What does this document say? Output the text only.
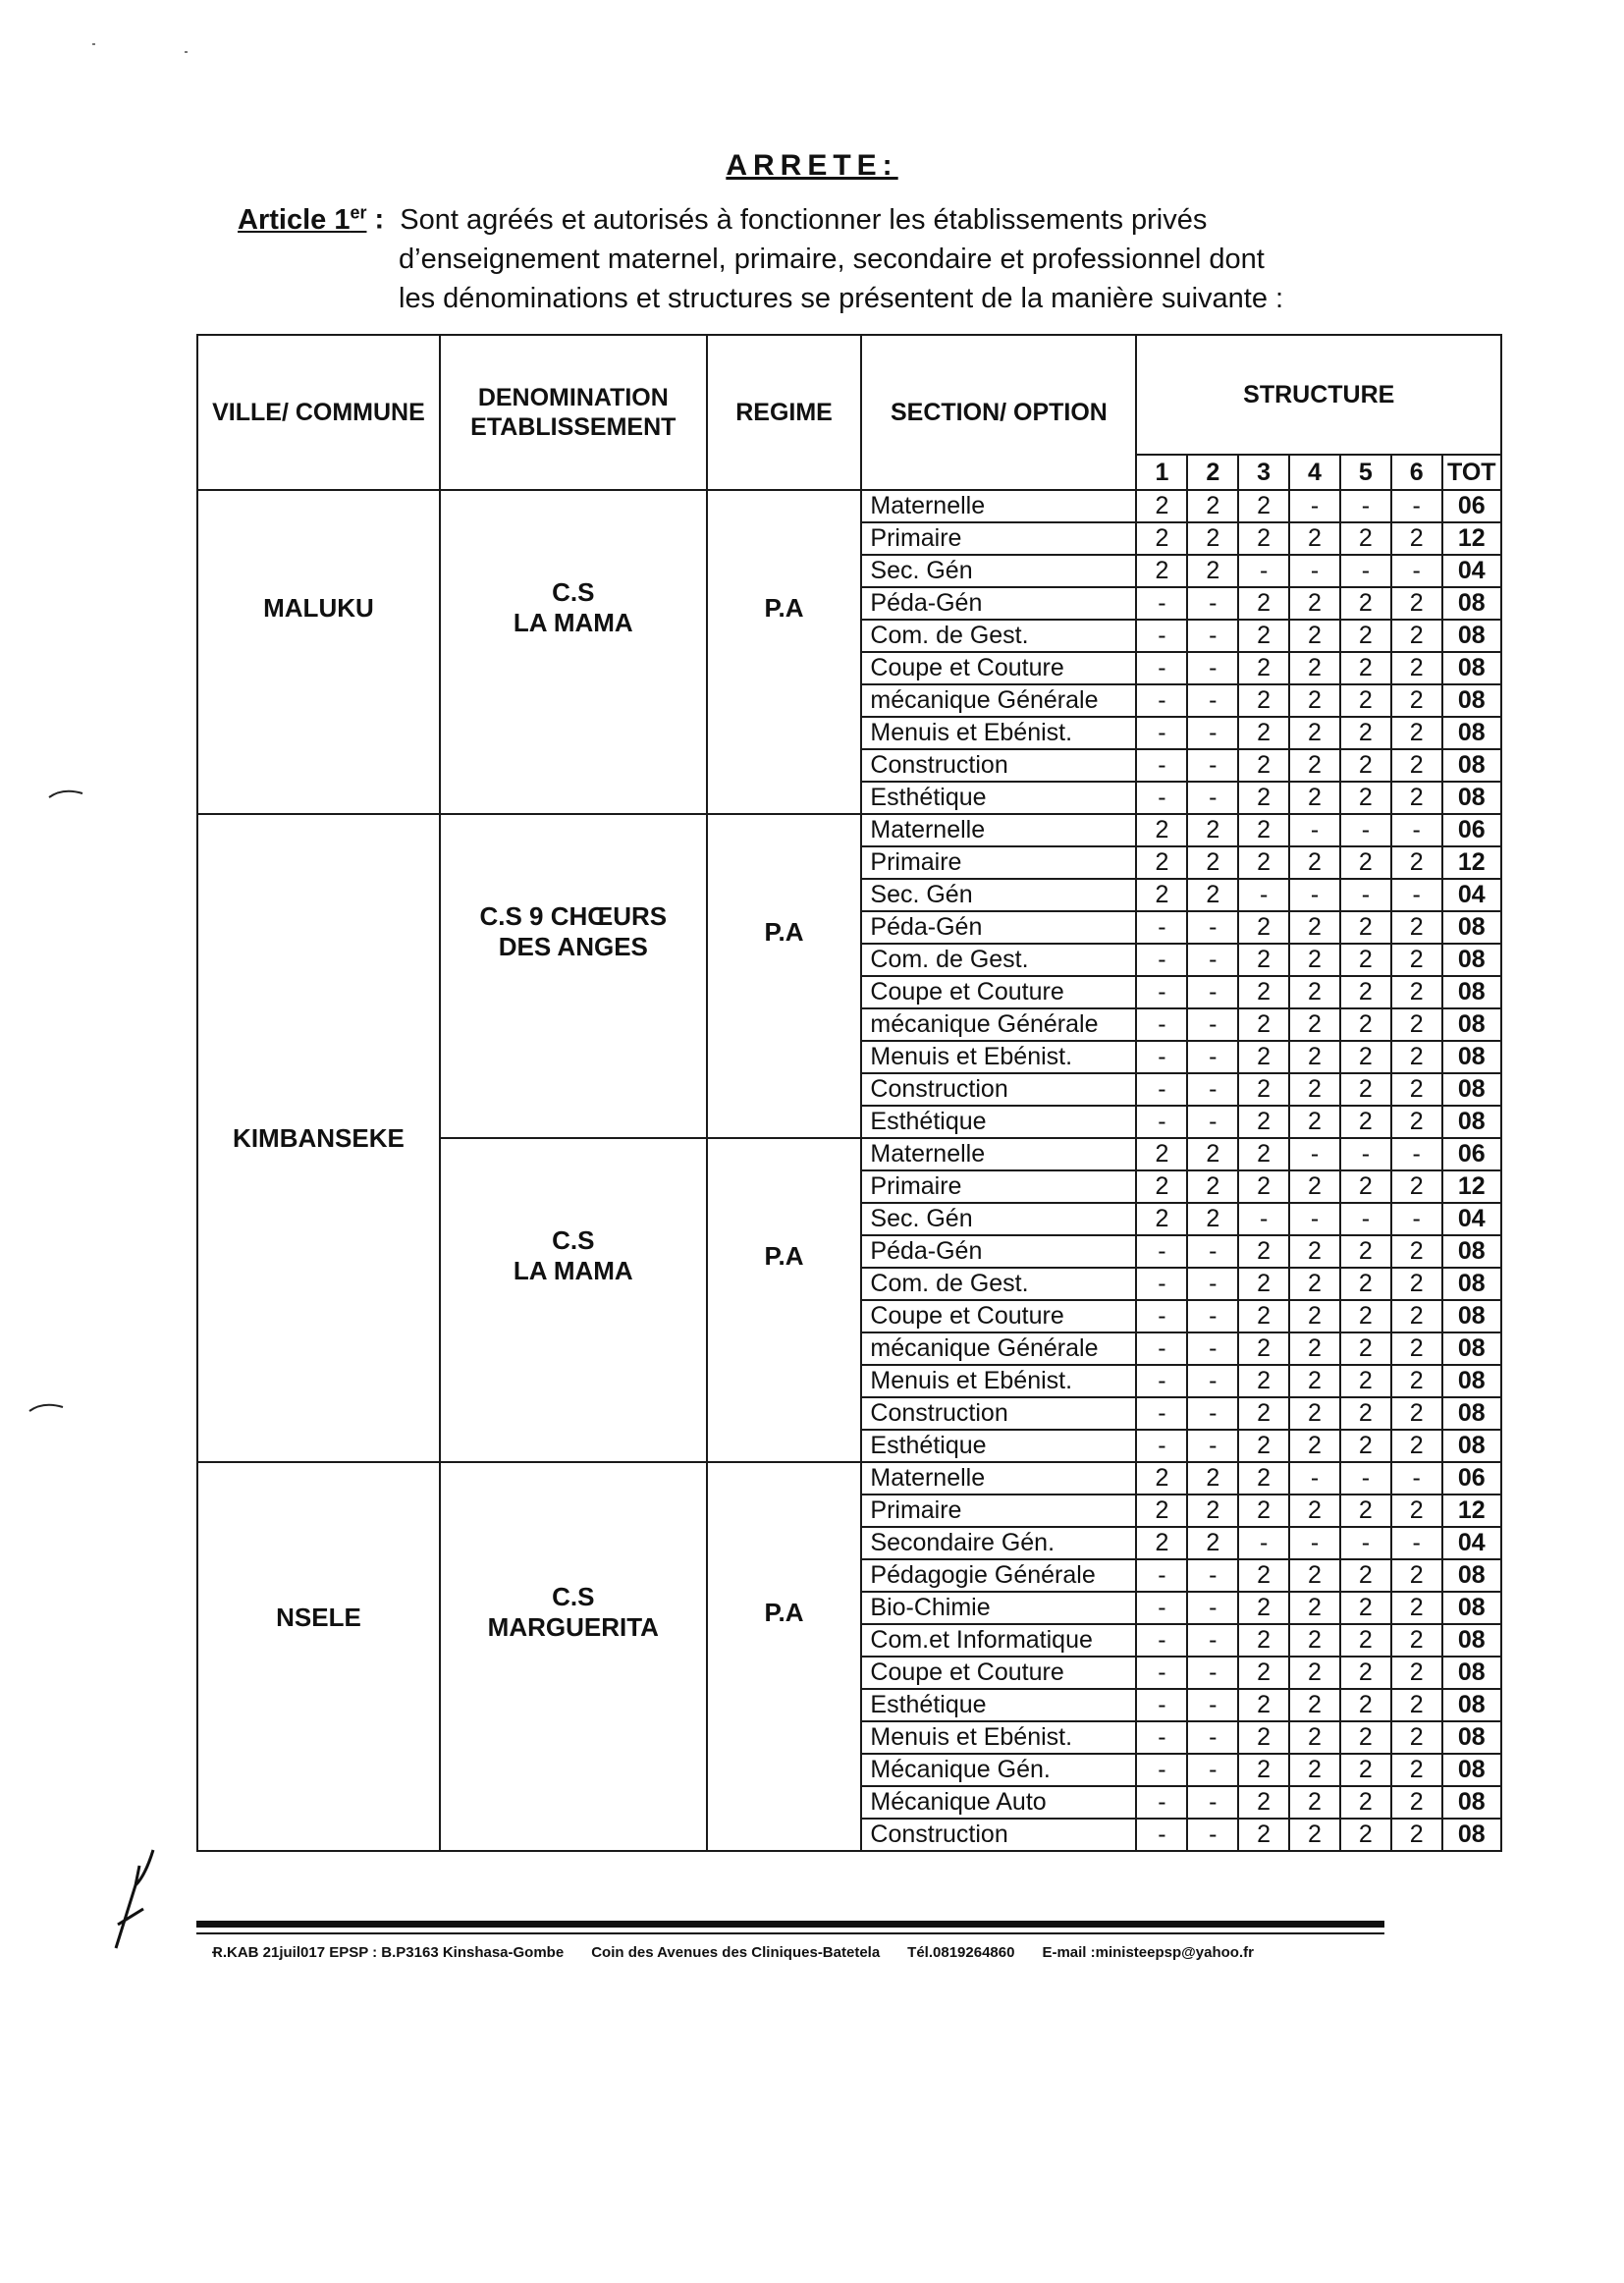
ARRETE:
Article 1er : Sont agréés et autorisés à fonctionner les établissements privés
d’enseignement maternel, primaire, secondaire et professionnel dont
les dénominations et structures se présentent de la manière suivante :
VILLE/ COMMUNE	DENOMINATION ETABLISSEMENT	REGIME	SECTION/ OPTION	STRUCTURE						
				1	2	3	4	5	6	TOT
MALUKU	C.S
LA MAMA	P.A	Maternelle	2	2	2	-	-	-	06
			Primaire	2	2	2	2	2	2	12
			Sec. Gén	2	2	-	-	-	-	04
			Péda-Gén	-	-	2	2	2	2	08
			Com. de Gest.	-	-	2	2	2	2	08
			Coupe et Couture	-	-	2	2	2	2	08
			mécanique Générale	-	-	2	2	2	2	08
			Menuis et Ebénist.	-	-	2	2	2	2	08
			Construction	-	-	2	2	2	2	08
			Esthétique	-	-	2	2	2	2	08
KIMBANSEKE	C.S 9 CHŒURS
DES ANGES	P.A	Maternelle	2	2	2	-	-	-	06
			Primaire	2	2	2	2	2	2	12
			Sec. Gén	2	2	-	-	-	-	04
			Péda-Gén	-	-	2	2	2	2	08
			Com. de Gest.	-	-	2	2	2	2	08
			Coupe et Couture	-	-	2	2	2	2	08
			mécanique Générale	-	-	2	2	2	2	08
			Menuis et Ebénist.	-	-	2	2	2	2	08
			Construction	-	-	2	2	2	2	08
			Esthétique	-	-	2	2	2	2	08
	C.S
LA MAMA	P.A	Maternelle	2	2	2	-	-	-	06
			Primaire	2	2	2	2	2	2	12
			Sec. Gén	2	2	-	-	-	-	04
			Péda-Gén	-	-	2	2	2	2	08
			Com. de Gest.	-	-	2	2	2	2	08
			Coupe et Couture	-	-	2	2	2	2	08
			mécanique Générale	-	-	2	2	2	2	08
			Menuis et Ebénist.	-	-	2	2	2	2	08
			Construction	-	-	2	2	2	2	08
			Esthétique	-	-	2	2	2	2	08
NSELE	C.S
MARGUERITA	P.A	Maternelle	2	2	2	-	-	-	06
			Primaire	2	2	2	2	2	2	12
			Secondaire Gén.	2	2	-	-	-	-	04
			Pédagogie Générale	-	-	2	2	2	2	08
			Bio-Chimie	-	-	2	2	2	2	08
			Com.et Informatique	-	-	2	2	2	2	08
			Coupe et Couture	-	-	2	2	2	2	08
			Esthétique	-	-	2	2	2	2	08
			Menuis et Ebénist.	-	-	2	2	2	2	08
			Mécanique Gén.	-	-	2	2	2	2	08
			Mécanique Auto	-	-	2	2	2	2	08
			Construction	-	-	2	2	2	2	08
Ɍ.KAB 21juil017 EPSP : B.P3163 Kinshasa-Gombe Coin des Avenues des Cliniques-Batetela Tél.0819264860 E-mail :ministeepsp@yahoo.fr
